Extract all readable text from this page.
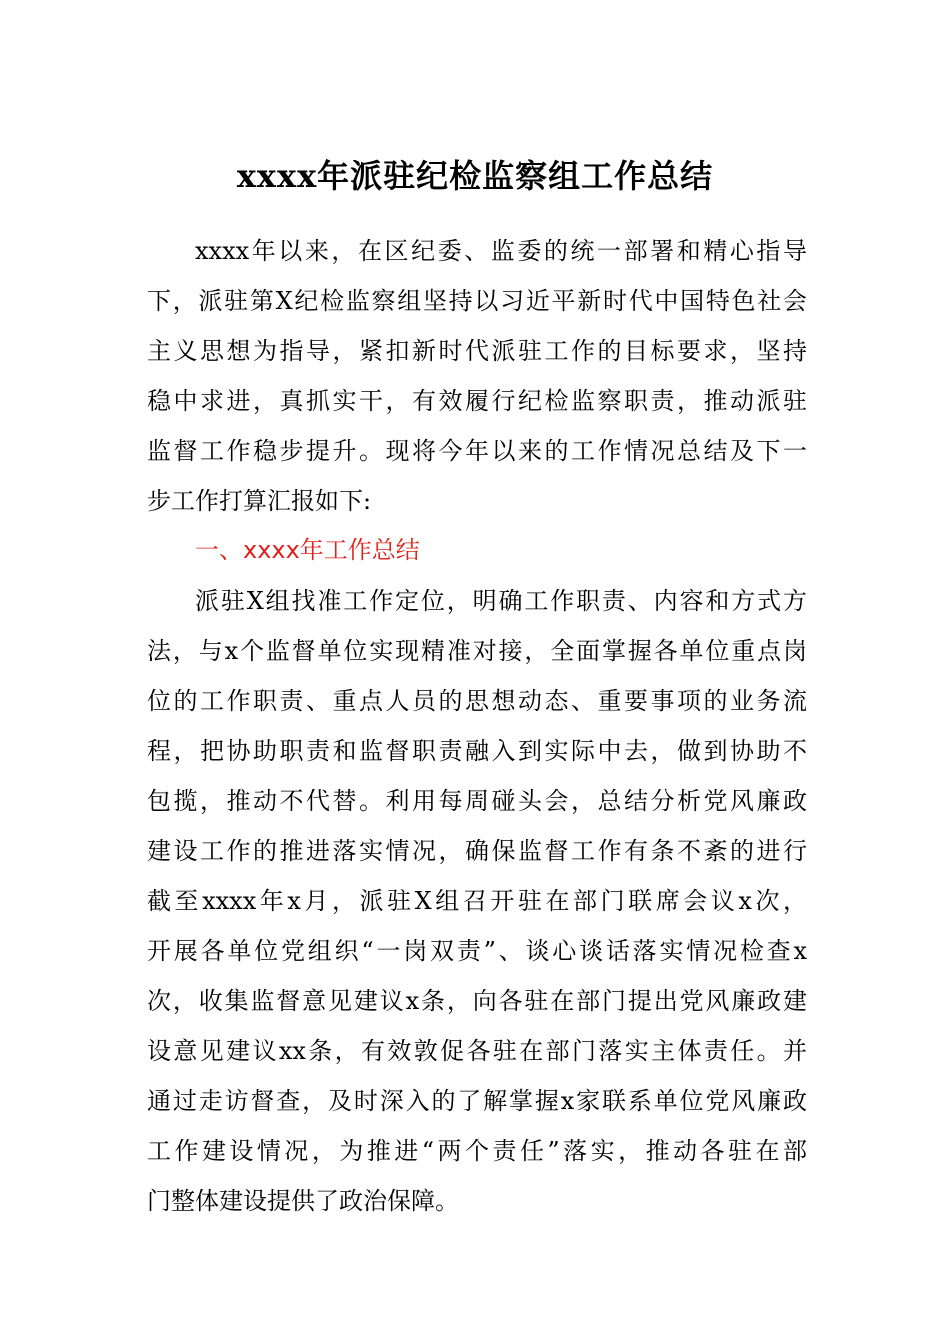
xxxx年派驻纪检监察组工作总结
xxxx年以来，在区纪委、监委的统一部署和精心指导
下，派驻第X纪检监察组坚持以习近平新时代中国特色社会
主义思想为指导，紧扣新时代派驻工作的目标要求，坚持
稳中求进，真抓实干，有效履行纪检监察职责，推动派驻
监督工作稳步提升。现将今年以来的工作情况总结及下一
步工作打算汇报如下:
一、xxxx年工作总结
派驻X组找准工作定位，明确工作职责、内容和方式方
法，与x个监督单位实现精准对接，全面掌握各单位重点岗
位的工作职责、重点人员的思想动态、重要事项的业务流
程，把协助职责和监督职责融入到实际中去，做到协助不
包揽，推动不代替。利用每周碰头会，总结分析党风廉政
建设工作的推进落实情况，确保监督工作有条不紊的进行
截至xxxx年x月，派驻X组召开驻在部门联席会议x次，
开展各单位党组织“一岗双责”、谈心谈话落实情况检查x
次，收集监督意见建议x条，向各驻在部门提出党风廉政建
设意见建议xx条，有效敦促各驻在部门落实主体责任。并
通过走访督查，及时深入的了解掌握x家联系单位党风廉政
工作建设情况，为推进“两个责任”落实，推动各驻在部
门整体建设提供了政治保障。
